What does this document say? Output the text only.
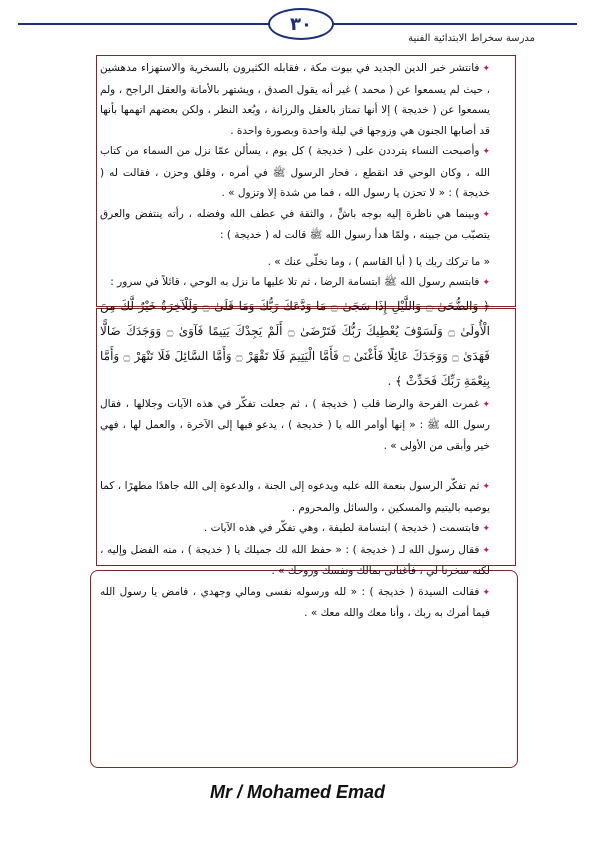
٣٠
مدرسة سخراط الابتدائية الفنية

✦ فانتشر خبر الدين الجديد في بيوت مكة ، فقابله الكثيرون بالسخرية والاستهزاء مدهشين ، حيث لم يسمعوا عن ( محمد ) غير أنه يقول الصدق ، ويشتهر بالأمانة والعقل الراجح ، ولم يسمعوا عن ( خديجة ) إلا أنها تمتاز بالعقل والرزانة ، وبُعد النظر ، ولكن بعضهم اتهمها بأنها قد أصابها الجنون هي وزوجها في ليلة واحدة وبصورة واحدة .

✦ وأصبحت النساء يترددن على ( خديجة ) كل يوم ، يسألن عمّا نزل من السماء من كتاب الله ، وكان الوحي قد انقطع ، فحار الرسول ﷺ في أمره ، وقلق وحزن ، فقالت له ( خديجة ) : « لا تحزن يا رسول الله ، فما من شدة إلا وتزول » .

✦ وبينما هي ناظرة إليه بوجه باشٍّ ، والثقة في عطف الله وفضله ، رأته ينتفض والعرق يتصبّب من جبينه ، ولمّا هدأ رسول الله ﷺ قالت له ( خديجة ) :

« ما تركك ربك يا ( أبا القاسم ) ، وما تخلّى عنك » .

✦ فابتسم رسول الله ﷺ ابتسامة الرضا ، ثم تلا عليها ما نزل به الوحي ، قائلاً في سرور :

﴿ وَالضُّحَىٰ ۝ وَاللَّيْلِ إِذَا سَجَىٰ ۝ مَا وَدَّعَكَ رَبُّكَ وَمَا قَلَىٰ ۝ وَلَلْآخِرَةُ خَيْرٌ لَّكَ مِنَ الْأُولَىٰ ۝ وَلَسَوْفَ يُعْطِيكَ رَبُّكَ فَتَرْضَىٰ ۝ أَلَمْ يَجِدْكَ يَتِيمًا فَآوَىٰ ۝ وَوَجَدَكَ ضَالًّا فَهَدَىٰ ۝ وَوَجَدَكَ عَائِلًا فَأَغْنَىٰ ۝ فَأَمَّا الْيَتِيمَ فَلَا تَقْهَرْ ۝ وَأَمَّا السَّائِلَ فَلَا تَنْهَرْ ۝ وَأَمَّا بِنِعْمَةِ رَبِّكَ فَحَدِّثْ ﴾ .

✦ غمرت الفرحة والرضا قلب ( خديجة ) ، ثم جعلت تفكّر في هذه الآيات وجلالها ، فقال رسول الله ﷺ : « إنها أوامر الله يا ( خديجة ) ، يدعو فيها إلى الآخرة ، والعمل لها ، فهي خير وأبقى من الأولى » .

✦ ثم تفكّر الرسول بنعمة الله عليه ويدعوه إلى الجنة ، والدعوة إلى الله جاهدًا مطهرًا ، كما يوصيه باليتيم والمسكين ، والسائل والمحروم .

✦ فابتسمت ( خديجة ) ابتسامة لطيفة ، وهي تفكّر في هذه الآيات .

✦ فقال رسول الله لـ ( خديجة ) : « حفظ الله لك جميلك يا ( خديجة ) ، منه الفضل وإليه ، لكنه سخرنا لي ، فأغنانى بمالك ونفسك وروحك » .

✦ فقالت السيدة ( خديجة ) : « لله ورسوله نفسى ومالي وجهدي ، فامض يا رسول الله فيما أمرك به ربك ، وأنا معك والله معك » .

Mr / Mohamed Emad
